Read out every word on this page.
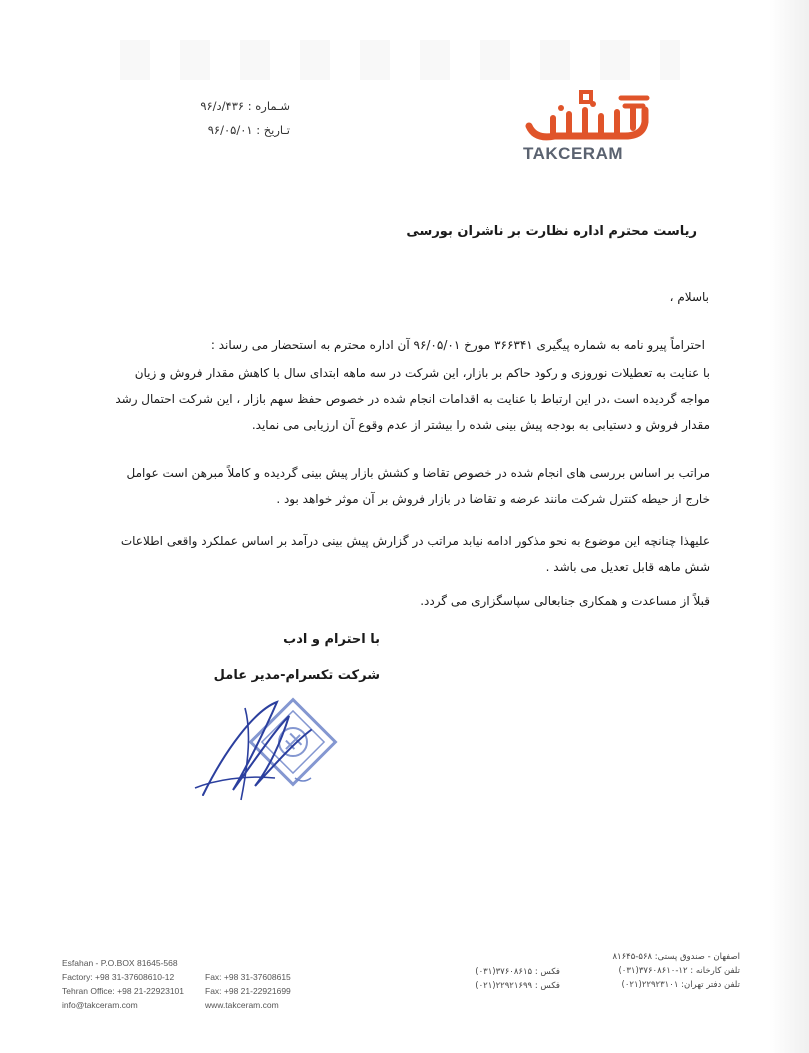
TAKCERAM
شـماره : ۴۳۶/د/۹۶
تـاریخ : ۹۶/۰۵/۰۱
ریاست محترم اداره نظارت بر ناشران بورسی
باسلام ،
احتراماً پیرو نامه به شماره پیگیری ۳۶۶۳۴۱ مورخ ۹۶/۰۵/۰۱ آن اداره محترم به استحضار می رساند :
با عنایت به تعطیلات نوروزی و رکود حاکم بر بازار، این شرکت در سه ماهه ابتدای سال با کاهش مقدار فروش و زیان مواجه گردیده است ،در این ارتباط با عنایت به اقدامات انجام شده در خصوص حفظ سهم بازار ، این شرکت احتمال رشد مقدار فروش و دستیابی به بودجه پیش بینی شده را بیشتر از عدم وقوع آن ارزیابی می نماید.
مراتب بر اساس بررسی های انجام شده در خصوص تقاضا و کشش بازار پیش بینی گردیده و کاملاً مبرهن است عوامل خارج از حیطه کنترل شرکت مانند عرضه و تقاضا در بازار فروش بر آن موثر خواهد بود .
علیهذا چنانچه این موضوع به نحو مذکور ادامه نیابد مراتب در گزارش پیش بینی درآمد بر اساس عملکرد واقعی اطلاعات شش ماهه قابل تعدیل می باشد .
قبلاً از مساعدت و همکاری جنابعالی سپاسگزاری می گردد.
با احترام و ادب
شرکت تکسرام-مدیر عامل
Esfahan - P.O.BOX 81645-568
Factory: +98 31-37608610-12
Tehran Office: +98 21-22923101
info@takceram.com
Fax: +98 31-37608615
Fax: +98 21-22921699
www.takceram.com
اصفهان - صندوق پستی: ۵۶۸-۸۱۶۴۵
تلفن کارخانه : ۱۲-۳۷۶۰۸۶۱۰(۰۳۱)
تلفن دفتر تهران: ۲۲۹۲۳۱۰۱(۰۲۱)
فکس : ۳۷۶۰۸۶۱۵(۰۳۱)
فکس : ۲۲۹۲۱۶۹۹(۰۲۱)
